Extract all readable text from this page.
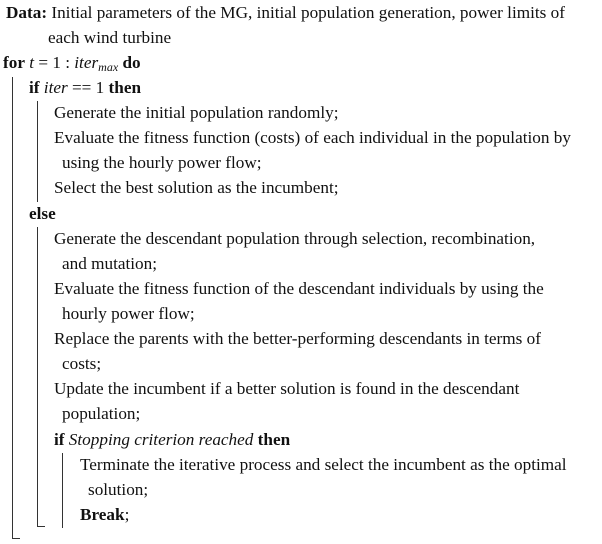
Data: Initial parameters of the MG, initial population generation, power limits of
each wind turbine
for t = 1 : iter$_{max}$ do
if iter == 1 then
Generate the initial population randomly;
Evaluate the fitness function (costs) of each individual in the population by
using the hourly power flow;
Select the best solution as the incumbent;
else
Generate the descendant population through selection, recombination,
and mutation;
Evaluate the fitness function of the descendant individuals by using the
hourly power flow;
Replace the parents with the better-performing descendants in terms of
costs;
Update the incumbent if a better solution is found in the descendant
population;
if Stopping criterion reached then
Terminate the iterative process and select the incumbent as the optimal
solution;
Break;
